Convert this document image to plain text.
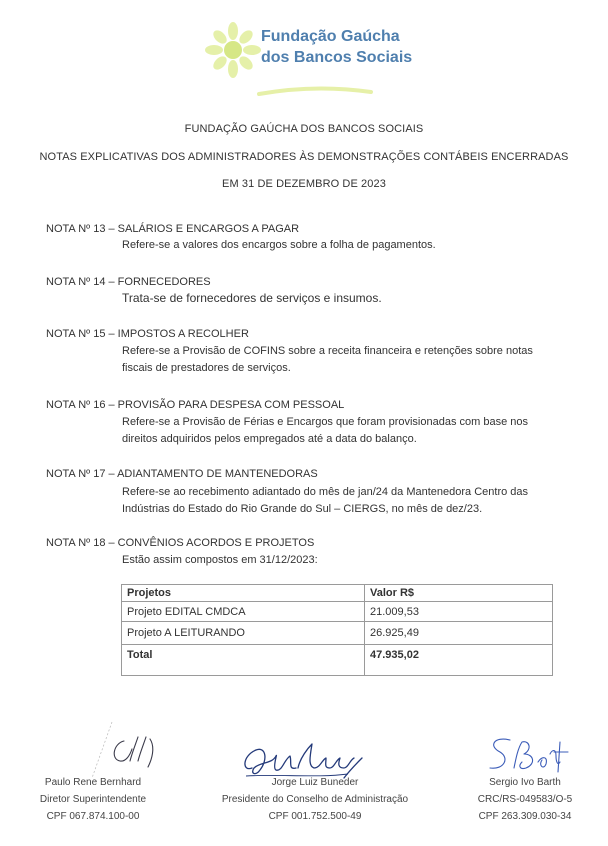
Fundação Gaúcha
dos Bancos Sociais
FUNDAÇÃO GAÚCHA DOS BANCOS SOCIAIS
NOTAS EXPLICATIVAS DOS ADMINISTRADORES ÀS DEMONSTRAÇÕES CONTÁBEIS ENCERRADAS
EM 31 DE DEZEMBRO DE 2023
NOTA Nº 13 – SALÁRIOS E ENCARGOS A PAGAR
Refere-se a valores dos encargos sobre a folha de pagamentos.
NOTA Nº 14 – FORNECEDORES
Trata-se de fornecedores de serviços e insumos.
NOTA Nº 15 – IMPOSTOS A RECOLHER
Refere-se a Provisão de COFINS sobre a receita financeira e retenções sobre notas fiscais de prestadores de serviços.
NOTA Nº 16 – PROVISÃO PARA DESPESA COM PESSOAL
Refere-se a Provisão de Férias e Encargos que foram provisionadas com base nos direitos adquiridos pelos empregados até a data do balanço.
NOTA Nº 17 – ADIANTAMENTO DE MANTENEDORAS
Refere-se ao recebimento adiantado do mês de jan/24 da Mantenedora Centro das Indústrias do Estado do Rio Grande do Sul – CIERGS, no mês de dez/23.
NOTA Nº 18 – CONVÊNIOS ACORDOS E PROJETOS
Estão assim compostos em 31/12/2023:
Projetos	Valor R$
Projeto EDITAL CMDCA	21.009,53
Projeto A LEITURANDO	26.925,49
Total	47.935,02
Paulo Rene Bernhard
Diretor Superintendente
CPF 067.874.100-00
Jorge Luiz Buneder
Presidente do Conselho de Administração
CPF 001.752.500-49
Sergio Ivo Barth
CRC/RS-049583/O-5
CPF 263.309.030-34
